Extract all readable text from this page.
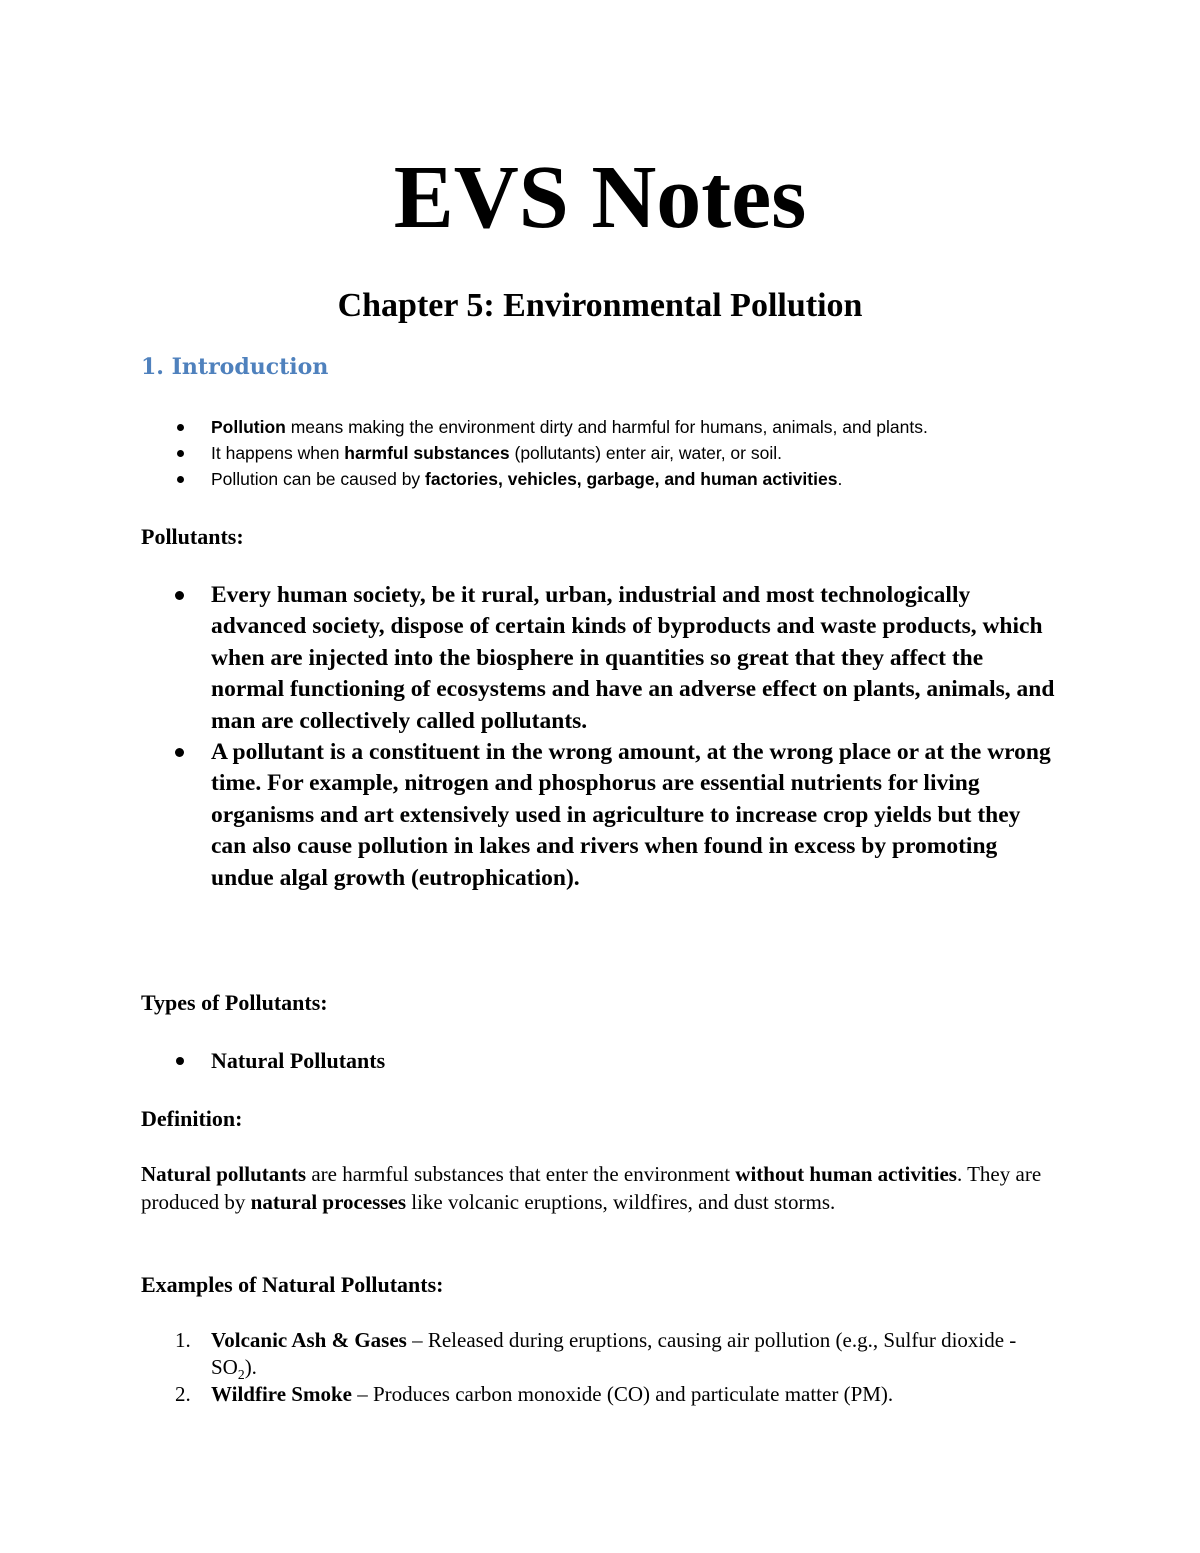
EVS Notes
Chapter 5: Environmental Pollution
1. Introduction
Pollution means making the environment dirty and harmful for humans, animals, and plants.
It happens when harmful substances (pollutants) enter air, water, or soil.
Pollution can be caused by factories, vehicles, garbage, and human activities.

Pollutants:

Every human society, be it rural, urban, industrial and most technologically advanced society, dispose of certain kinds of byproducts and waste products, which when are injected into the biosphere in quantities so great that they affect the normal functioning of ecosystems and have an adverse effect on plants, animals, and man are collectively called pollutants.
A pollutant is a constituent in the wrong amount, at the wrong place or at the wrong time. For example, nitrogen and phosphorus are essential nutrients for living organisms and art extensively used in agriculture to increase crop yields but they can also cause pollution in lakes and rivers when found in excess by promoting undue algal growth (eutrophication).

Types of Pollutants:

Natural Pollutants

Definition:

Natural pollutants are harmful substances that enter the environment without human activities. They are produced by natural processes like volcanic eruptions, wildfires, and dust storms.

Examples of Natural Pollutants:

1. Volcanic Ash & Gases – Released during eruptions, causing air pollution (e.g., Sulfur dioxide - $SO_2$).
2. Wildfire Smoke – Produces carbon monoxide (CO) and particulate matter (PM).
